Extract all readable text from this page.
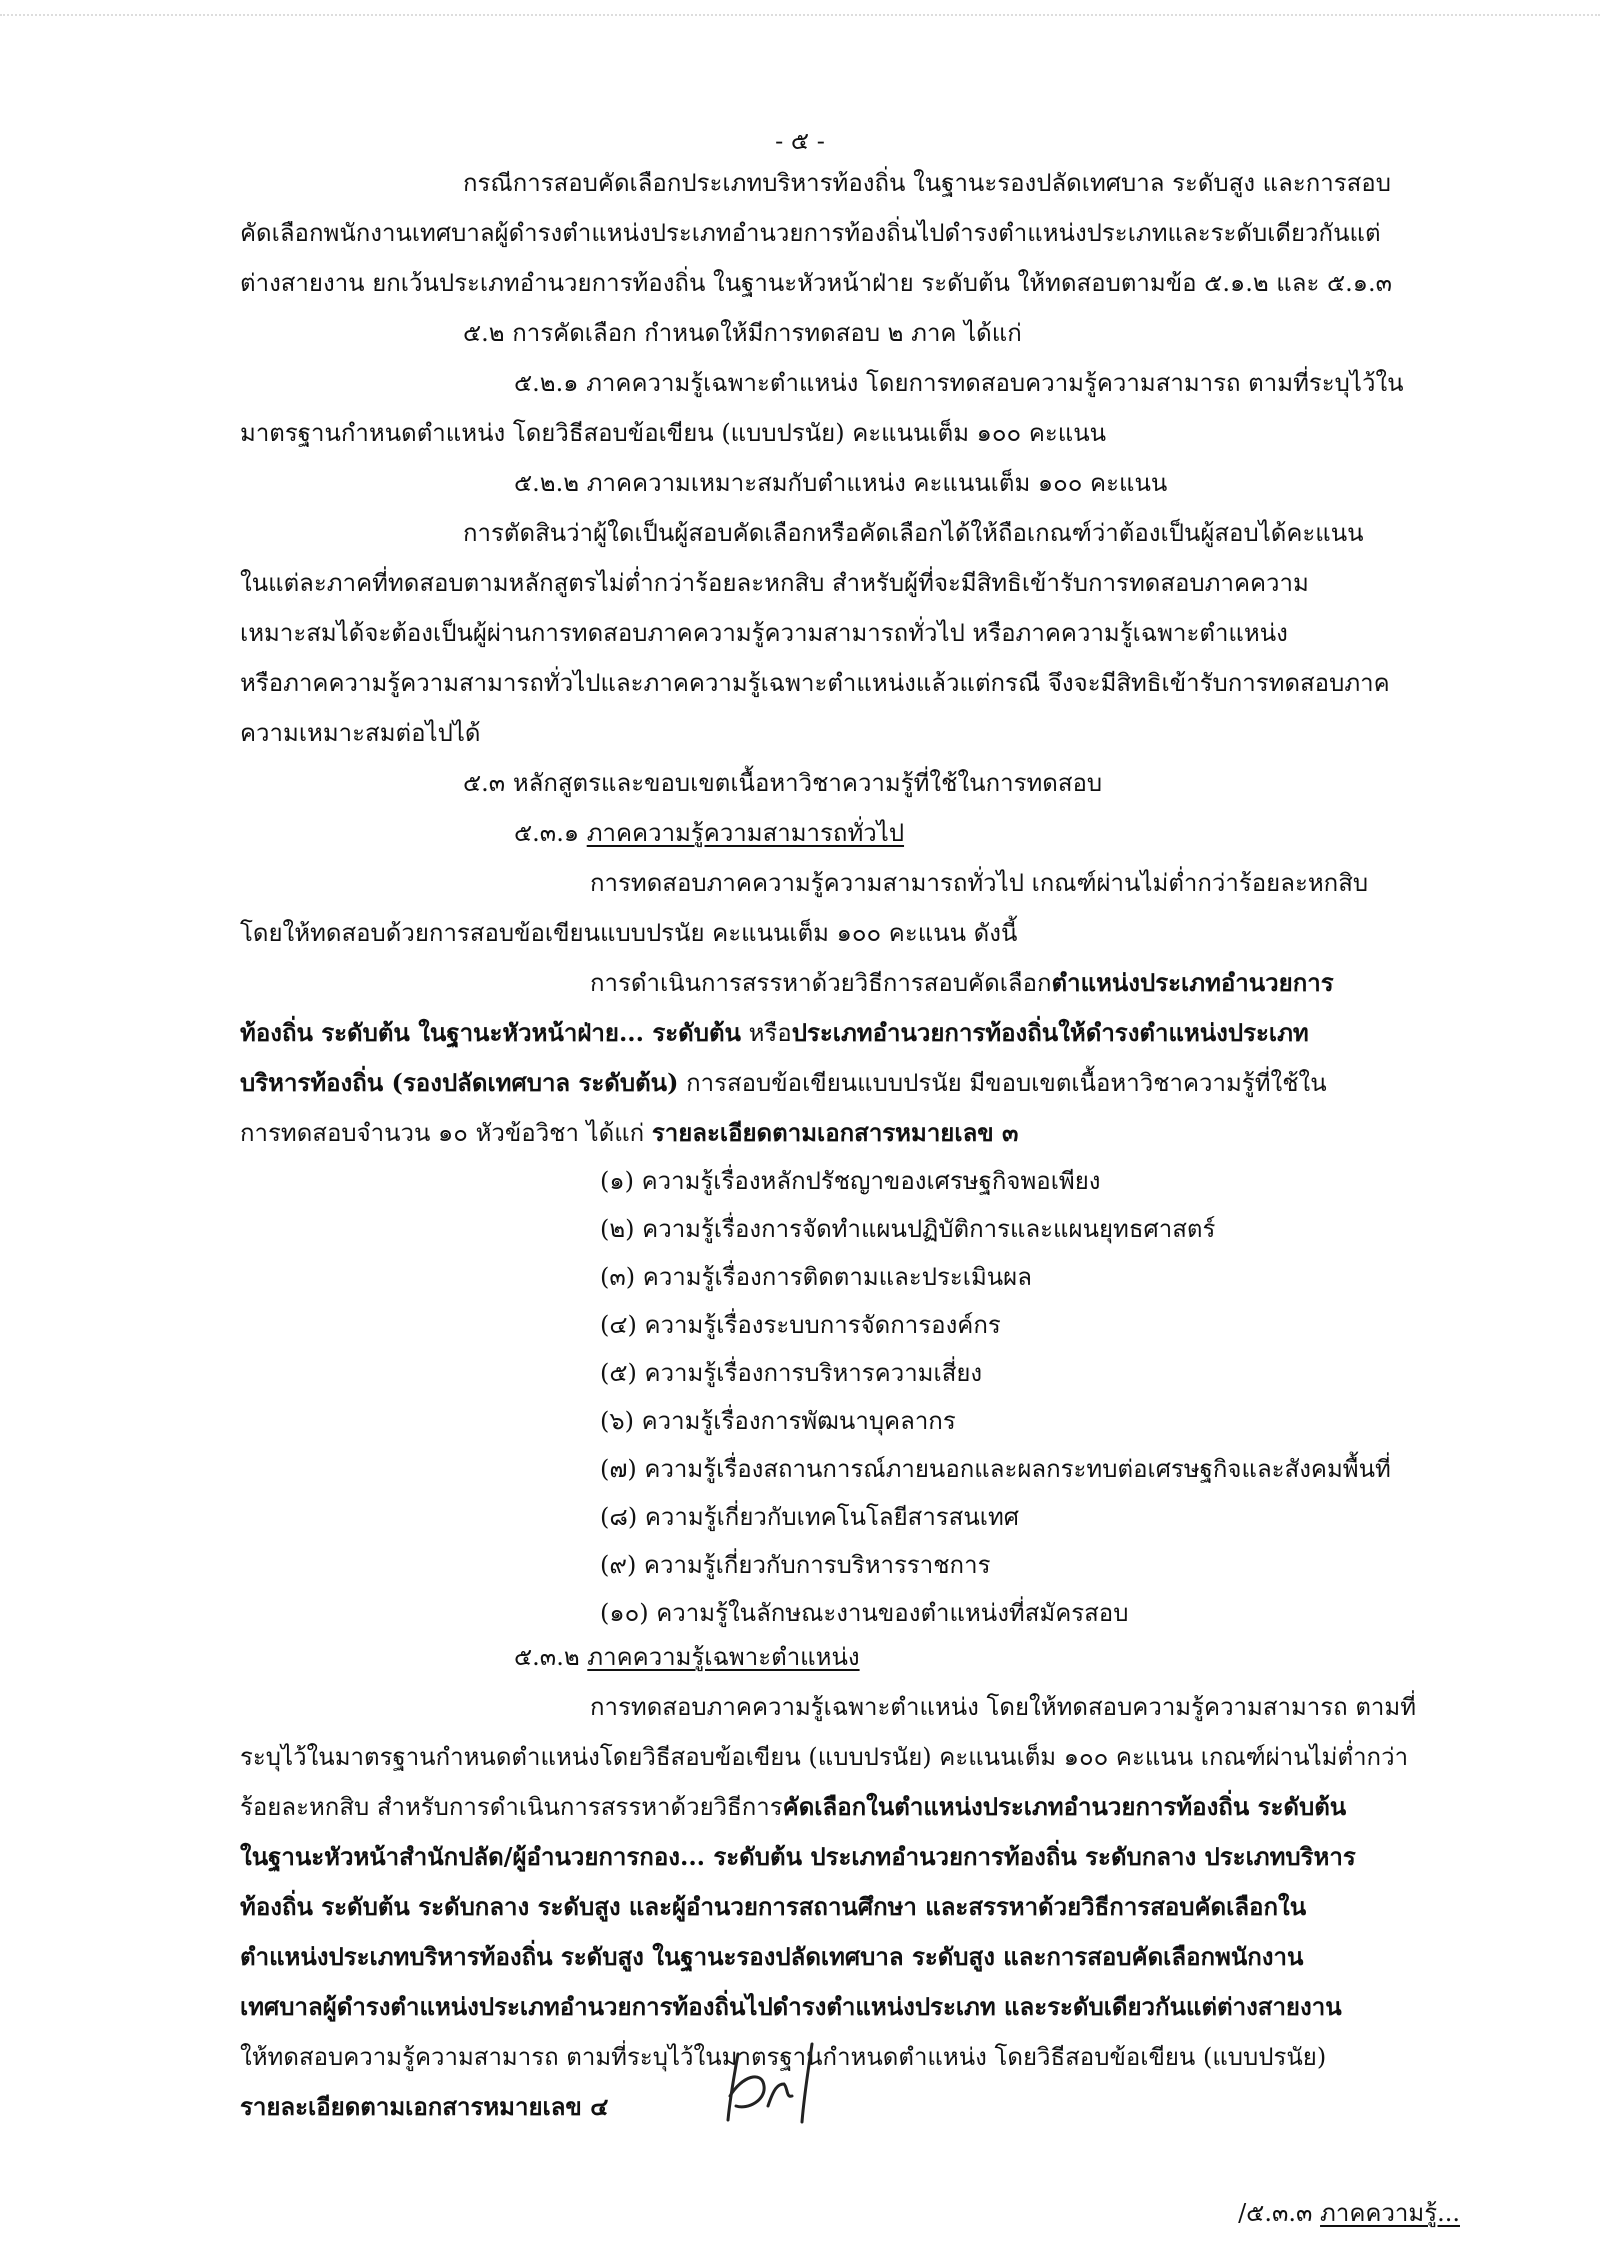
- ๕ -
กรณีการสอบคัดเลือกประเภทบริหารท้องถิ่น ในฐานะรองปลัดเทศบาล ระดับสูง และการสอบ
คัดเลือกพนักงานเทศบาลผู้ดำรงตำแหน่งประเภทอำนวยการท้องถิ่นไปดำรงตำแหน่งประเภทและระดับเดียวกันแต่
ต่างสายงาน ยกเว้นประเภทอำนวยการท้องถิ่น ในฐานะหัวหน้าฝ่าย ระดับต้น ให้ทดสอบตามข้อ ๕.๑.๒ และ ๕.๑.๓
๕.๒ การคัดเลือก กำหนดให้มีการทดสอบ ๒ ภาค ได้แก่
๕.๒.๑ ภาคความรู้เฉพาะตำแหน่ง โดยการทดสอบความรู้ความสามารถ ตามที่ระบุไว้ใน
มาตรฐานกำหนดตำแหน่ง โดยวิธีสอบข้อเขียน (แบบปรนัย) คะแนนเต็ม ๑๐๐ คะแนน
๕.๒.๒ ภาคความเหมาะสมกับตำแหน่ง คะแนนเต็ม ๑๐๐ คะแนน
การตัดสินว่าผู้ใดเป็นผู้สอบคัดเลือกหรือคัดเลือกได้ให้ถือเกณฑ์ว่าต้องเป็นผู้สอบได้คะแนน
ในแต่ละภาคที่ทดสอบตามหลักสูตรไม่ต่ำกว่าร้อยละหกสิบ สำหรับผู้ที่จะมีสิทธิเข้ารับการทดสอบภาคความ
เหมาะสมได้จะต้องเป็นผู้ผ่านการทดสอบภาคความรู้ความสามารถทั่วไป หรือภาคความรู้เฉพาะตำแหน่ง
หรือภาคความรู้ความสามารถทั่วไปและภาคความรู้เฉพาะตำแหน่งแล้วแต่กรณี จึงจะมีสิทธิเข้ารับการทดสอบภาค
ความเหมาะสมต่อไปได้
๕.๓ หลักสูตรและขอบเขตเนื้อหาวิชาความรู้ที่ใช้ในการทดสอบ
๕.๓.๑ ภาคความรู้ความสามารถทั่วไป
การทดสอบภาคความรู้ความสามารถทั่วไป เกณฑ์ผ่านไม่ต่ำกว่าร้อยละหกสิบ
โดยให้ทดสอบด้วยการสอบข้อเขียนแบบปรนัย คะแนนเต็ม ๑๐๐ คะแนน ดังนี้
การดำเนินการสรรหาด้วยวิธีการสอบคัดเลือกตำแหน่งประเภทอำนวยการ
ท้องถิ่น ระดับต้น ในฐานะหัวหน้าฝ่าย... ระดับต้น หรือประเภทอำนวยการท้องถิ่นให้ดำรงตำแหน่งประเภท
บริหารท้องถิ่น (รองปลัดเทศบาล ระดับต้น) การสอบข้อเขียนแบบปรนัย มีขอบเขตเนื้อหาวิชาความรู้ที่ใช้ใน
การทดสอบจำนวน ๑๐ หัวข้อวิชา ได้แก่ รายละเอียดตามเอกสารหมายเลข ๓
(๑) ความรู้เรื่องหลักปรัชญาของเศรษฐกิจพอเพียง
(๒) ความรู้เรื่องการจัดทำแผนปฏิบัติการและแผนยุทธศาสตร์
(๓) ความรู้เรื่องการติดตามและประเมินผล
(๔) ความรู้เรื่องระบบการจัดการองค์กร
(๕) ความรู้เรื่องการบริหารความเสี่ยง
(๖) ความรู้เรื่องการพัฒนาบุคลากร
(๗) ความรู้เรื่องสถานการณ์ภายนอกและผลกระทบต่อเศรษฐกิจและสังคมพื้นที่
(๘) ความรู้เกี่ยวกับเทคโนโลยีสารสนเทศ
(๙) ความรู้เกี่ยวกับการบริหารราชการ
(๑๐) ความรู้ในลักษณะงานของตำแหน่งที่สมัครสอบ
๕.๓.๒ ภาคความรู้เฉพาะตำแหน่ง
การทดสอบภาคความรู้เฉพาะตำแหน่ง โดยให้ทดสอบความรู้ความสามารถ ตามที่
ระบุไว้ในมาตรฐานกำหนดตำแหน่งโดยวิธีสอบข้อเขียน (แบบปรนัย) คะแนนเต็ม ๑๐๐ คะแนน เกณฑ์ผ่านไม่ต่ำกว่า
ร้อยละหกสิบ สำหรับการดำเนินการสรรหาด้วยวิธีการคัดเลือกในตำแหน่งประเภทอำนวยการท้องถิ่น ระดับต้น
ในฐานะหัวหน้าสำนักปลัด/ผู้อำนวยการกอง... ระดับต้น ประเภทอำนวยการท้องถิ่น ระดับกลาง ประเภทบริหาร
ท้องถิ่น ระดับต้น ระดับกลาง ระดับสูง และผู้อำนวยการสถานศึกษา และสรรหาด้วยวิธีการสอบคัดเลือกใน
ตำแหน่งประเภทบริหารท้องถิ่น ระดับสูง ในฐานะรองปลัดเทศบาล ระดับสูง และการสอบคัดเลือกพนักงาน
เทศบาลผู้ดำรงตำแหน่งประเภทอำนวยการท้องถิ่นไปดำรงตำแหน่งประเภท และระดับเดียวกันแต่ต่างสายงาน
ให้ทดสอบความรู้ความสามารถ ตามที่ระบุไว้ในมาตรฐานกำหนดตำแหน่ง โดยวิธีสอบข้อเขียน (แบบปรนัย)
รายละเอียดตามเอกสารหมายเลข ๔
/๕.๓.๓ ภาคความรู้...
